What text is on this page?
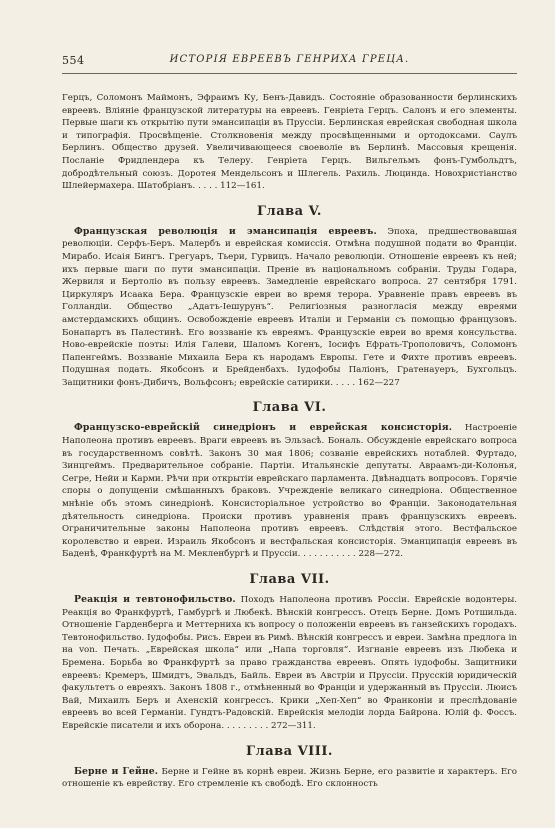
554	ИСТОРІЯ ЕВРЕЕВЪ ГЕНРИХА ГРЕЦА.

Герцъ, Соломонъ Маймонъ, Эфраимъ Ку, Бенъ-Давидъ. Состояніе образованности берлинскихъ евреевъ. Вліяніе французской литературы на евреевъ. Генріета Герцъ. Салонъ и его элементы. Первые шаги къ открытію пути эмансипаціи въ Пруссіи. Берлинская еврейская свободная школа и типографія. Просвѣщеніе. Столкновенія между просвѣщенными и ортодоксами. Саулъ Берлинъ. Общество друзей. Увеличивающееся своеволіе въ Берлинѣ. Массовыя крещенія. Посланіе Фридлендера къ Телеру. Генріета Герцъ. Вильгельмъ фонъ-Гумбольдтъ, добродѣтельный союзъ. Доротея Мендельсонъ и Шлегель. Рахиль. Люцинда. Новохристіанство Шлейермахера. Шатобріанъ. . . . . 112—161.

Глава V.

Французская революція и эмансипація евреевъ. Эпоха, предшествовавшая революціи. Серфъ-Беръ. Малербъ и еврейская комиссія. Отмѣна подушной подати во Франціи. Мирабо. Исаія Бингъ. Грегуаръ, Тьери, Гурвицъ. Начало революціи. Отношеніе евреевъ къ ней; ихъ первые шаги по пути эмансипаціи. Преніе въ національномъ собраніи. Труды Годара, Жервиля и Бертоліо въ пользу евреевъ. Замедленіе еврейскаго вопроса. 27 сентября 1791. Циркуляръ Исаака Бера. Французскіе евреи во время терора. Уравненіе правъ евреевъ въ Голландіи. Общество „Адатъ-Іешурунъ“. Религіозныя разногласія между евреями амстердамскихъ общинъ. Освобожденіе евреевъ Италіи и Германіи съ помощью французовъ. Бонапартъ въ Палестинѣ. Его воззваніе къ евреямъ. Французскіе евреи во время консульства. Ново-еврейскіе поэты: Илія Галеви, Шаломъ Когенъ, Іосифъ Ефрать-Трополовичъ, Соломонъ Папенгеймъ. Воззваніе Михаила Бера къ народамъ Европы. Гете и Фихте противъ евреевъ. Подушная подать. Якобсонъ и Брейденбахъ. Іудофобы Паліонъ, Гратенауеръ, Бухгольцъ. Защитники фонъ-Дибичъ, Вольфсонъ; еврейскіе сатирики. . . . . 162—227

Глава VI.

Французско-еврейскій синедріонъ и еврейская консисторія. Настроеніе Наполеона противъ евреевъ. Враги евреевъ въ Эльзасѣ. Бональ. Обсужденіе еврейскаго вопроса въ государственномъ совѣтѣ. Законъ 30 мая 1806; созваніе еврейскихъ нотаблей. Фуртадо, Зинцгеймъ. Предварительное собраніе. Партіи. Итальянскіе депутаты. Авраамъ-ди-Колонья, Сегре, Нейи и Карми. Рѣчи при открытіи еврейскаго парламента. Двѣнадцать вопросовъ. Горячіе споры о допущеніи смѣшанныхъ браковъ. Учрежденіе великаго синедріона. Общественное мнѣніе объ этомъ синедріонѣ. Консисторіальное устройство во Франціи. Законодательная дѣятельность синедріона. Происки противъ уравненія правъ французскихъ евреевъ. Ограничительные законы Наполеона противъ евреевъ. Слѣдствія этого. Вестфальское королевство и евреи. Израиль Якобсонъ и вестфальская консисторія. Эманципація евреевъ въ Баденѣ, Франкфуртѣ на М. Мекленбургѣ и Пруссіи. . . . . . . . . . . 228—272.

Глава VII.

Реакція и тевтонофильство. Походъ Наполеона противъ Россіи. Еврейскіе водонтеры. Реакція во Франкфуртѣ, Гамбургѣ и Любекѣ. Вѣнскій конгрессъ. Отецъ Берне. Домъ Ротшильда. Отношеніе Гарденберга и Меттерниха къ вопросу о положеніи евреевъ въ ганзейскихъ городахъ. Тевтонофильство. Іудофобы. Рисъ. Евреи въ Римѣ. Вѣнскій конгрессъ и евреи. Замѣна предлога in на von. Печать. „Еврейская школа“ или „Напа торговля“. Изгнаніе евреевъ изъ Любека и Бремена. Борьба во Франкфуртѣ за право гражданства евреевъ. Опять іудофобы. Защитники евреевъ: Кремеръ, Шмидтъ, Эвальдъ, Байль. Евреи въ Австріи и Пруссіи. Прусскій юридическій факультетъ о евреяхъ. Законъ 1808 г., отмѣненный во Франціи и удержанный въ Пруссіи. Люисъ Вай, Михаилъ Беръ и Ахенскій конгрессъ. Крики „Хеп-Хеп“ во Франконіи и преслѣдованіе евреевъ во всей Германіи. Гундтъ-Радовскій. Еврейскія мелодіи лорда Байрона. Юлій ф. Фоссъ. Еврейскіе писатели и ихъ оборона. . . . . . . . . 272—311.

Глава VIII.

Берне и Гейне. Берне и Гейне въ корнѣ евреи. Жизнь Берне, его развитіе и характеръ. Его отношеніе къ еврейству. Его стремленіе къ свободѣ. Его склонность
